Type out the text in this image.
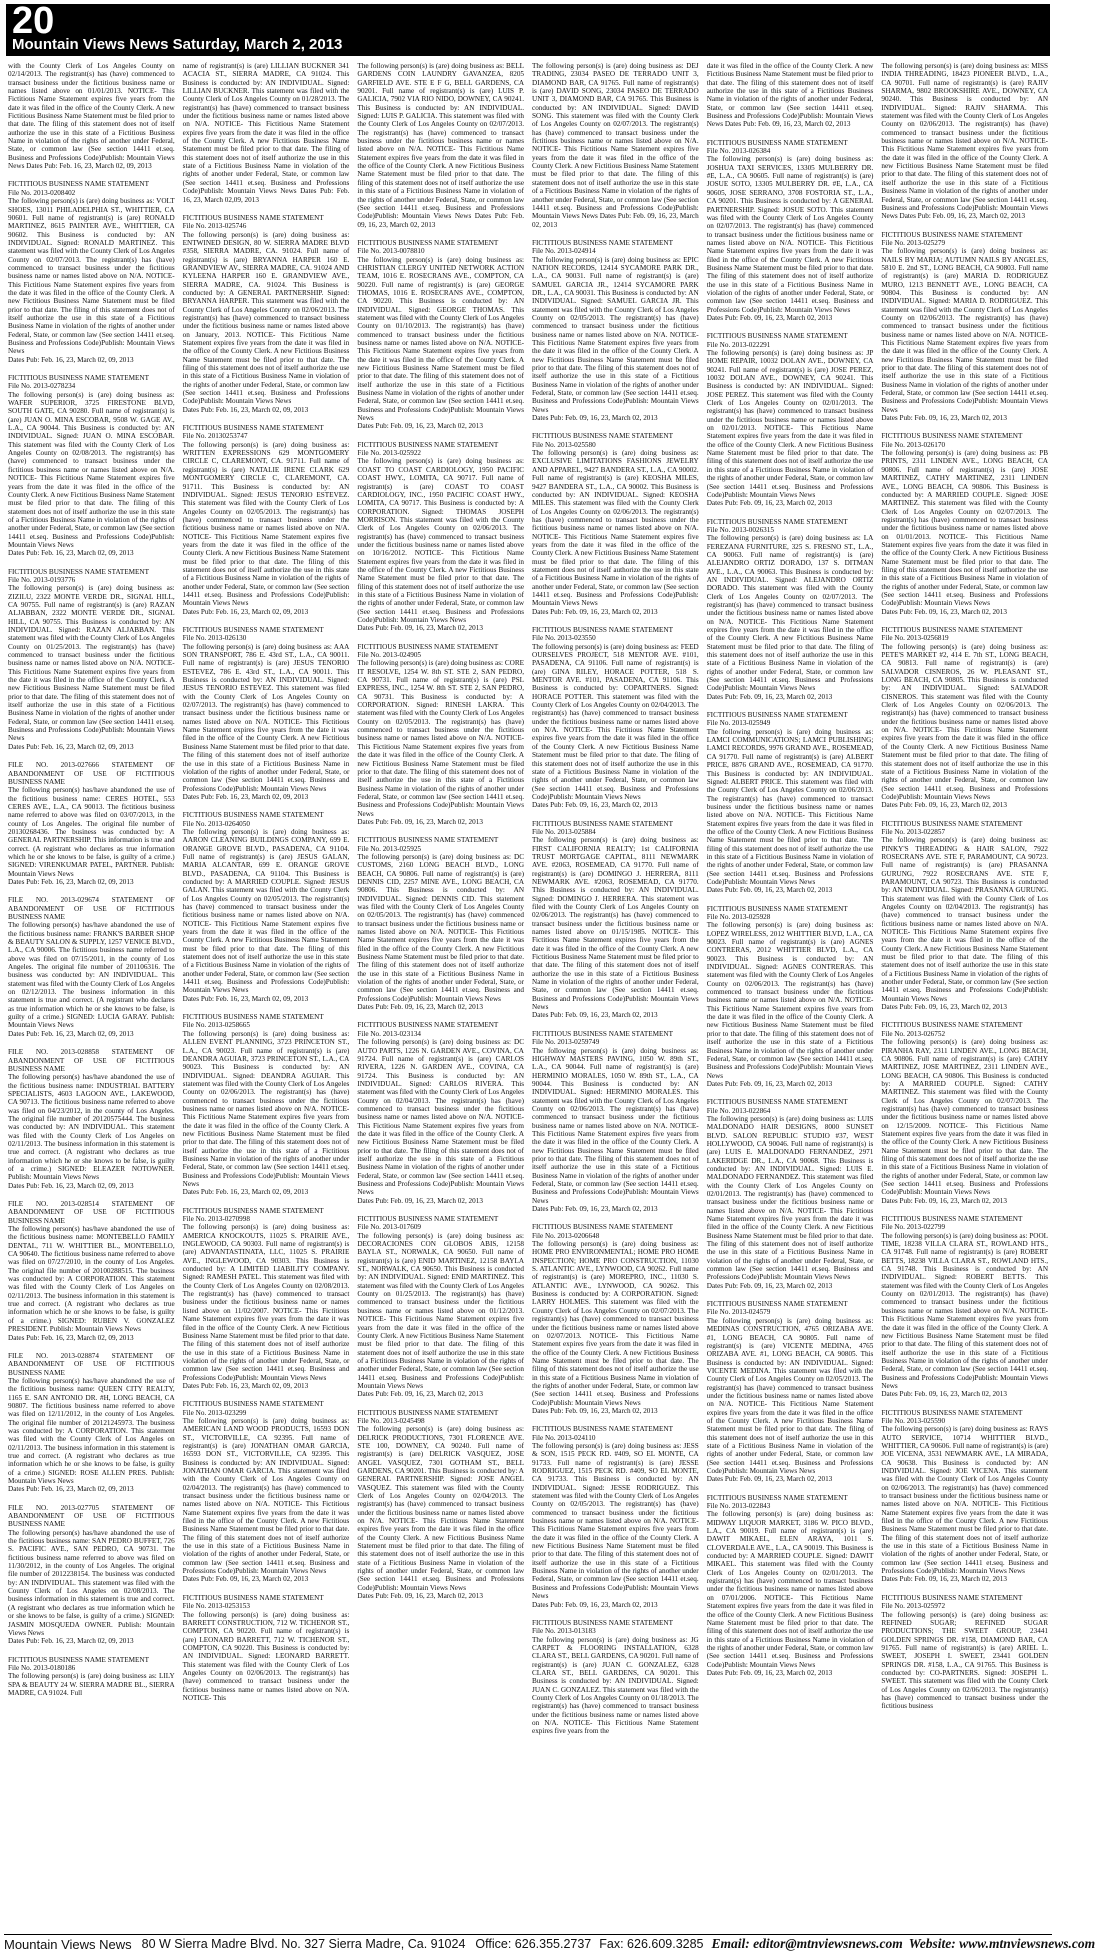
20
Mountain Views News Saturday, March 2, 2013

with the County Clerk of Los Angeles County on 02/14/2013. The registrant(s) has (have) commenced to transact business under the fictitious business name or names listed above on 01/01/2013. NOTICE- This Fictitious Name Statement expires five years from the date it was filed in the office of the County Clerk. A new Fictitious Business Name Statement must be filed prior to that date. The filing of this statement does not of itself authorize the use in this state of a Fictitious Business Name in violation of the rights of another under Federal, State, or common law (See section 14411 et.seq. Business and Professions Code)Publish: Mountain Views News Dates Pub: Feb. 16, 23, March 02, 09, 2013

FICTITIOUS BUSINESS NAME STATEMENT

File No. 2013-0208402

The following person(s) is (are) doing business as: VOLT SHOES, 13011 PHILADELPHIA ST., WHITTIER, CA 90601. Full name of registrant(s) is (are) RONALD MARTINEZ, 8615 PAINTER AVE., WHITTIER, CA 90602. This Business is conducted by: AN INDIVIDUAL. Signed: RONALD MARTINEZ. This statement was filed with the County Clerk of Los Angeles County on 02/07/2013. The registrant(s) has (have) commenced to transact business under the fictitious business name or names listed above on N/A. NOTICE- This Fictitious Name Statement expires five years from the date it was filed in the office of the County Clerk. A new Fictitious Business Name Statement must be filed prior to that date. The filing of this statement does not of itself authorize the use in this state of a Fictitious Business Name in violation of the rights of another under Federal, State, or common law (See section 14411 et.seq. Business and Professions Code)Publish: Mountain Views News

Dates Pub: Feb. 16, 23, March 02, 09, 2013

FICTITIOUS BUSINESS NAME STATEMENT

File No. 2013-0278234

The following person(s) is (are) doing business as: WAFER SUPERIOR, 3725 FIRESTONE BLVD, SOUTH GATE, CA 90280. Full name of registrant(s) is (are) JUAN O. MINA ESCOBAR, 9508 W. GAGE AV., L.A., CA 90044. This Business is conducted by: AN INDIVIDUAL. Signed: JUAN O. MINA ESCOBAR. This statement was filed with the County Clerk of Los Angeles County on 02/08/2013. The registrant(s) has (have) commenced to transact business under the fictitious business name or names listed above on N/A. NOTICE- This Fictitious Name Statement expires five years from the date it was filed in the office of the County Clerk. A new Fictitious Business Name Statement must be filed prior to that date. The filing of this statement does not of itself authorize the use in this state of a Fictitious Business Name in violation of the rights of another under Federal, State, or common law (See section 14411 et.seq. Business and Professions Code)Publish: Mountain Views News

Dates Pub: Feb. 16, 23, March 02, 09, 2013

FICTITIOUS BUSINESS NAME STATEMENT

File No. 2013-0193776

The following person(s) is (are) doing business as: ZIZILU, 2322 MONTE VERDE DR., SIGNAL HILL, CA 90755. Full name of registrant(s) is (are) RAZAN ALJABBAN, 2322 MONTE VERDE DR., SIGNAL HILL, CA 90755. This Business is conducted by: AN INDIVIDUAL. Signed: RAZAN ALJABBAN. This statement was filed with the County Clerk of Los Angeles County on 01/25/2013. The registrant(s) has (have) commenced to transact business under the fictitious business name or names listed above on N/A. NOTICE- This Fictitious Name Statement expires five years from the date it was filed in the office of the County Clerk. A new Fictitious Business Name Statement must be filed prior to that date. The filing of this statement does not of itself authorize the use in this state of a Fictitious Business Name in violation of the rights of another under Federal, State, or common law (See section 14411 et.seq. Business and Professions Code)Publish: Mountain Views News

Dates Pub: Feb. 16, 23, March 02, 09, 2013

FILE NO. 2013-027666 STATEMENT OF ABANDONMENT OF USE OF FICTITIOUS BUSINESS NAME

The following person(s) has/have abandoned the use of the fictitious business name: CERES HOTEL, 553 CERES AVE., L.A., CA 90013. The fictitious business name referred to above was filed on 03/07/2013, in the county of Los Angeles. The original file number of 20130268436. The business was conducted by: A GENERAL PARTNERSHIP. This information is true and correct. (A registrant who declares as true information which he or she knows to be false, is guilty of a crime.) SIGNED: VIRENKUMAR PATEL, PARTNER. Publish: Mountain Views News

Dates Pub: Feb. 16, 23, March 02, 09, 2013

FILE NO. 2013-029674 STATEMENT OF ABANDONMENT OF USE OF FICTITIOUS BUSINESS NAME

The following person(s) has/have abandoned the use of the fictitious business name: FRANK'S BARBER SHOP & BEAUTY SALON & SUPPLY, 1257 VENICE BLVD., L.A., CA 90006. The fictitious business name referred to above was filed on 07/15/2011, in the county of Los Angeles. The original file number of 201106316. The business was conducted by: AN INDIVIDUAL. This statement was filed with the County Clerk of Los Angeles on 02/12/2013. The business information in this statement is true and correct. (A registrant who declares as true information which he or she knows to be false, is guilty of a crime.) SIGNED: LUCIA GARAY. Publish: Mountain Views News

Dates Pub: Feb. 16, 23, March 02, 09, 2013

FILE NO. 2013-028858 STATEMENT OF ABANDONMENT OF USE OF FICTITIOUS BUSINESS NAME

The following person(s) has/have abandoned the use of the fictitious business name: INDUSTRIAL BATTERY SPECIALISTS, 4603 LAGOON AVE., LAKEWOOD, CA 90713. The fictitious business name referred to above was filed on 04/23/2012, in the county of Los Angeles. The original file number of 20120575444. The business was conducted by: AN INDIVIDUAL. This statement was filed with the County Clerk of Los Angeles on 02/11/2013. The business information in this statement is true and correct. (A registrant who declares as true information which he or she knows to be false, is guilty of a crime.) SIGNED: ELEAZER NOTOWNER. Publish: Mountain Views News

Dates Pub: Feb. 16, 23, March 02, 09, 2013

FILE NO. 2013-028514 STATEMENT OF ABANDONMENT OF USE OF FICTITIOUS BUSINESS NAME

The following person(s) has/have abandoned the use of the fictitious business name: MONTEBELLO FAMILY DENTAL, 711 W. WHITTIER BL., MONTEBELLO, CA 90640. The fictitious business name referred to above was filed on 07/27/2010, in the county of Los Angeles. The original file number of 20100288515. The business was conducted by: A CORPORATION. This statement was filed with the County Clerk of Los Angeles on 02/11/2013. The business information in this statement is true and correct. (A registrant who declares as true information which he or she knows to be false, is guilty of a crime.) SIGNED: RUBEN V. GONZALEZ PRESIDENT. Publish: Mountain Views News

Dates Pub: Feb. 16, 23, March 02, 09, 2013

FILE NO. 2013-028874 STATEMENT OF ABANDONMENT OF USE OF FICTITIOUS BUSINESS NAME

The following person(s) has/have abandoned the use of the fictitious business name: QUEEN CITY REALTY, 1165 E. SAN ANTONIO DR. #H, LONG BEACH, CA 90807. The fictitious business name referred to above was filed on 12/11/2012, in the county of Los Angeles. The original file number of 20121245973. The business was conducted by: A CORPORATION. This statement was filed with the County Clerk of Los Angeles on 02/11/2013. The business information in this statement is true and correct. (A registrant who declares as true information which he or she knows to be false, is guilty of a crime.) SIGNED: ROSE ALLEN PRES. Publish: Mountain Views News

Dates Pub: Feb. 16, 23, March 02, 09, 2013

FILE NO. 2013-027705 STATEMENT OF ABANDONMENT OF USE OF FICTITIOUS BUSINESS NAME

The following person(s) has/have abandoned the use of the fictitious business name: SAN PEDRO BUFFET, 726 S. PACIFIC AVE., SAN PEDRO, CA 90731. The fictitious business name referred to above was filed on 11/30/2012, in the county of Los Angeles. The original file number of 2012238154. The business was conducted by: AN INDIVIDUAL. This statement was filed with the County Clerk of Los Angeles on 02/08/2013. The business information in this statement is true and correct. (A registrant who declares as true information which he or she knows to be false, is guilty of a crime.) SIGNED: JASMIN MOSQUEDA OWNER. Publish: Mountain Views News

Dates Pub: Feb. 16, 23, March 02, 09, 2013

FICTITIOUS BUSINESS NAME STATEMENT

File No. 2013-0180186

The following person(s) is (are) doing business as: LILY SPA & BEAUTY 24 W. SIERRA MADRE BL., SIERRA MADRE, CA 91024. Full

name of registrant(s) is (are) LILLIAN BUCKNER 341 ACACIA ST., SIERRA MADRE, CA 91024. This Business is conducted by: AN INDIVIDUAL. Signed: LILLIAN BUCKNER. This statement was filed with the County Clerk of Los Angeles County on 01/28/2013. The registrant(s) has (have) commenced to transact business under the fictitious business name or names listed above on N/A. NOTICE- This Fictitious Name Statement expires five years from the date it was filed in the office of the County Clerk. A new Fictitious Business Name Statement must be filed prior to that date. The filing of this statement does not of itself authorize the use in this state of a Fictitious Business Name in violation of the rights of another under Federal, State, or common law (See section 14411 et.seq. Business and Professions Code)Publish: Mountain Views News Dates Pub: Feb. 16, 23, March 02,09, 2013

FICTITIOUS BUSINESS NAME STATEMENT

File No. 2013-025746

The following person(s) is (are) doing business as: ENTWINED DESIGN, 80 W. SIERRA MADRE BLVD #358, SIERRA MADRE, CA. 91024. Full name of registrant(s) is (are) BRYANNA HARPER 160 E. GRANDVIEW AV., SIERRA MADRE, CA. 91024 AND KYLEENA HARPER 160 E. GRANDVIEW AVE., SIERRA MADRE, CA. 91024. This Business is conducted by: A GENERAL PARTNERSHIP. Signed: BRYANNA HARPER. This statement was filed with the County Clerk of Los Angeles County on 02/06/2013. The registrant(s) has (have) commenced to transact business under the fictitious business name or names listed above on January, 2013. NOTICE- This Fictitious Name Statement expires five years from the date it was filed in the office of the County Clerk. A new Fictitious Business Name Statement must be filed prior to that date. The filing of this statement does not of itself authorize the use in this state of a Fictitious Business Name in violation of the rights of another under Federal, State, or common law (See section 14411 et.seq. Business and Professions Code)Publish: Mountain Views News

Dates Pub: Feb. 16, 23, March 02, 09, 2013

FICTITIOUS BUSINESS NAME STATEMENT

File No. 20130253747

The following person(s) is (are) doing business as: WRITTEN EXPRESSIONS 629 MONTGOMERY CIRCLE C, CLAREMONT, CA. 91711. Full name of registrant(s) is (are) NATALIE IRENE CLARK 629 MONTGOMERY CIRCLE C, CLAREMONT, CA. 91711. This Business is conducted by: AN INDIVIDUAL. Signed: JESUS TENORIO ESTEVEZ. This statement was filed with the County Clerk of Los Angeles County on 02/05/2013. The registrant(s) has (have) commenced to transact business under the fictitious business name or names listed above on N/A. NOTICE- This Fictitious Name Statement expires five years from the date it was filed in the office of the County Clerk. A new Fictitious Business Name Statement must be filed prior to that date. The filing of this statement does not of itself authorize the use in this state of a Fictitious Business Name in violation of the rights of another under Federal, State, or common law (See section 14411 et.seq. Business and Professions Code)Publish: Mountain Views News

Dates Pub: Feb. 16, 23, March 02, 09, 2013

FICTITIOUS BUSINESS NAME STATEMENT

File No. 2013-026130

The following person(s) is (are) doing business as: AAA SON TRANSPORT, 786 E. 43rd ST., L.A., CA 90011. Full name of registrant(s) is (are) JESUS TENORIO ESTEVEZ, 786 E. 43rd ST., L.A., CA 90011. This Business is conducted by: AN INDIVIDUAL. Signed: JESUS TENORIO ESTEVEZ. This statement was filed with the County Clerk of Los Angeles County on 02/07/2013. The registrant(s) has (have) commenced to transact business under the fictitious business name or names listed above on N/A. NOTICE- This Fictitious Name Statement expires five years from the date it was filed in the office of the County Clerk. A new Fictitious Business Name Statement must be filed prior to that date. The filing of this statement does not of itself authorize the use in this state of a Fictitious Business Name in violation of the rights of another under Federal, State, or common law (See section 14411 et.seq. Business and Professions Code)Publish: Mountain Views News

Dates Pub: Feb. 16, 23, March 02, 09, 2013

FICTITIOUS BUSINESS NAME STATEMENT

File No. 2013-0264050

The following person(s) is (are) doing business as: AARON CLEANING BUILDINGS COMPANY, 699 E. ORANGE GROVE BLVD., PASADENA, CA 91104. Full name of registrant(s) is (are) JESUS GALAN, MARIA ALCANTAR, 699 E. ORANGE GROVE BLVD., PASADENA, CA 91104. This Business is conducted by: A MARRIED COUPLE. Signed: JESUS GALAN. This statement was filed with the County Clerk of Los Angeles County on 02/05/2013. The registrant(s) has (have) commenced to transact business under the fictitious business name or names listed above on N/A. NOTICE- This Fictitious Name Statement expires five years from the date it was filed in the office of the County Clerk. A new Fictitious Business Name Statement must be filed prior to that date. The filing of this statement does not of itself authorize the use in this state of a Fictitious Business Name in violation of the rights of another under Federal, State, or common law (See section 14411 et.seq. Business and Professions Code)Publish: Mountain Views News

Dates Pub: Feb. 16, 23, March 02, 09, 2013

FICTITIOUS BUSINESS NAME STATEMENT

File No. 2013-0258665

The following person(s) is (are) doing business as: ALLEN EVENT PLANNING, 3723 PRINCETON ST., L.A., CA 90023. Full name of registrant(s) is (are) DEANDRA AGUIAR, 3723 PRINCETON ST., L.A., CA 90023. This Business is conducted by: AN INDIVIDUAL. Signed: DEANDRA AGUIAR. This statement was filed with the County Clerk of Los Angeles County on 02/06/2013. The registrant(s) has (have) commenced to transact business under the fictitious business name or names listed above on N/A. NOTICE- This Fictitious Name Statement expires five years from the date it was filed in the office of the County Clerk. A new Fictitious Business Name Statement must be filed prior to that date. The filing of this statement does not of itself authorize the use in this state of a Fictitious Business Name in violation of the rights of another under Federal, State, or common law (See section 14411 et.seq. Business and Professions Code)Publish: Mountain Views News

Dates Pub: Feb. 16, 23, March 02, 09, 2013

FICTITIOUS BUSINESS NAME STATEMENT

File No. 2013-0270998

The following person(s) is (are) doing business as: AMERICA KNOCKOUTS, 11025 S. PRAIRIE AVE., INGLEWOOD, CA 90303. Full name of registrant(s) is (are) ADVANTASTINATA, LLC, 11025 S. PRAIRIE AVE., INGLEWOOD, CA 90303. This Business is conducted by: A LIMITED LIABILITY COMPANY. Signed: RAMESH PATEL. This statement was filed with the County Clerk of Los Angeles County on 02/08/2013. The registrant(s) has (have) commenced to transact business under the fictitious business name or names listed above on 11/02/2007. NOTICE- This Fictitious Name Statement expires five years from the date it was filed in the office of the County Clerk. A new Fictitious Business Name Statement must be filed prior to that date. The filing of this statement does not of itself authorize the use in this state of a Fictitious Business Name in violation of the rights of another under Federal, State, or common law (See section 14411 et.seq. Business and Professions Code)Publish: Mountain Views News

Dates Pub: Feb. 16, 23, March 02, 09, 2013

FICTITIOUS BUSINESS NAME STATEMENT

File No. 2013-023299

The following person(s) is (are) doing business as: AMERICAN LAND WOOD PRODUCTS, 16593 DON ST., VICTORVILLE, CA 92395. Full name of registrant(s) is (are) JONATHAN OMAR GARCIA, 16593 DON ST., VICTORVILLE, CA 92395. This Business is conducted by: AN INDIVIDUAL. Signed: JONATHAN OMAR GARCIA. This statement was filed with the County Clerk of Los Angeles County on 02/04/2013. The registrant(s) has (have) commenced to transact business under the fictitious business name or names listed above on N/A. NOTICE- This Fictitious Name Statement expires five years from the date it was filed in the office of the County Clerk. A new Fictitious Business Name Statement must be filed prior to that date. The filing of this statement does not of itself authorize the use in this state of a Fictitious Business Name in violation of the rights of another under Federal, State, or common law (See section 14411 et.seq. Business and Professions Code)Publish: Mountain Views News

Dates Pub: Feb. 09, 16, 23, March 02, 2013

FICTITIOUS BUSINESS NAME STATEMENT

File No. 2013-0253153

The following person(s) is (are) doing business as: BARRETT CONSTRUCTION, 712 W. TICHENOR ST., COMPTON, CA 90220. Full name of registrant(s) is (are) LEONARD BARRETT, 712 W. TICHENOR ST., COMPTON, CA 90220. This Business is conducted by: AN INDIVIDUAL. Signed: LEONARD BARRETT. This statement was filed with the County Clerk of Los Angeles County on 02/06/2013. The registrant(s) has (have) commenced to transact business under the fictitious business name or names listed above on N/A. NOTICE- This

The following person(s) is (are) doing business as: BELL GARDENS COIN LAUNDRY GAVANZEA, 8205 GARFIELD AVE. STE E F G, BELL GARDENS, CA 90201. Full name of registrant(s) is (are) LUIS P. GALICIA, 7902 VIA RIO NIDO, DOWNEY, CA 90241. This Business is conducted by: AN INDIVIDUAL. Signed: LUIS P. GALICIA. This statement was filed with the County Clerk of Los Angeles County on 02/07/2013. The registrant(s) has (have) commenced to transact business under the fictitious business name or names listed above on N/A. NOTICE- This Fictitious Name Statement expires five years from the date it was filed in the office of the County Clerk. A new Fictitious Business Name Statement must be filed prior to that date. The filing of this statement does not of itself authorize the use in this state of a Fictitious Business Name in violation of the rights of another under Federal, State, or common law (See section 14411 et.seq. Business and Professions Code)Publish: Mountain Views News Dates Pub: Feb. 09, 16, 23, March 02, 2013

FICTITIOUS BUSINESS NAME STATEMENT

File No. 2013-0078810

The following person(s) is (are) doing business as: CHRISTIAN CLERGY UNITED NETWORK ACTION TEAM, 1016 E. ROSECRANS AVE., COMPTON, CA 90220. Full name of registrant(s) is (are) GEORGE THOMAS, 1016 E. ROSECRANS AVE., COMPTON, CA 90220. This Business is conducted by: AN INDIVIDUAL. Signed: GEORGE THOMAS. This statement was filed with the County Clerk of Los Angeles County on 01/10/2013. The registrant(s) has (have) commenced to transact business under the fictitious business name or names listed above on N/A. NOTICE- This Fictitious Name Statement expires five years from the date it was filed in the office of the County Clerk. A new Fictitious Business Name Statement must be filed prior to that date. The filing of this statement does not of itself authorize the use in this state of a Fictitious Business Name in violation of the rights of another under Federal, State, or common law (See section 14411 et.seq. Business and Professions Code)Publish: Mountain Views News

Dates Pub: Feb. 09, 16, 23, March 02, 2013

FICTITIOUS BUSINESS NAME STATEMENT

File No. 2013-025922

The following person(s) is (are) doing business as: COAST TO COAST CARDIOLOGY, 1950 PACIFIC COAST HWY., LOMITA, CA 90717. Full name of registrant(s) is (are) COAST TO COAST CARDIOLOGY, INC., 1950 PACIFIC COAST HWY., LOMITA, CA 90717. This Business is conducted by: A CORPORATION. Signed: THOMAS JOSEPH MORRISON. This statement was filed with the County Clerk of Los Angeles County on 02/06/2013. The registrant(s) has (have) commenced to transact business under the fictitious business name or names listed above on 10/16/2012. NOTICE- This Fictitious Name Statement expires five years from the date it was filed in the office of the County Clerk. A new Fictitious Business Name Statement must be filed prior to that date. The filing of this statement does not of itself authorize the use in this state of a Fictitious Business Name in violation of the rights of another under Federal, State, or common law (See section 14411 et.seq. Business and Professions Code)Publish: Mountain Views News

Dates Pub: Feb. 09, 16, 23, March 02, 2013

FICTITIOUS BUSINESS NAME STATEMENT

File No. 2013-024905

The following person(s) is (are) doing business as: CORE IT RESOLVE, 1254 W. 8th ST. STE 2, SAN PEDRO, CA 90731. Full name of registrant(s) is (are) PSL EXPRESS, INC., 1254 W. 8th ST. STE 2, SAN PEDRO, CA 90731. This Business is conducted by: A CORPORATION. Signed: RINESH LAKRA. This statement was filed with the County Clerk of Los Angeles County on 02/05/2013. The registrant(s) has (have) commenced to transact business under the fictitious business name or names listed above on N/A. NOTICE- This Fictitious Name Statement expires five years from the date it was filed in the office of the County Clerk. A new Fictitious Business Name Statement must be filed prior to that date. The filing of this statement does not of itself authorize the use in this state of a Fictitious Business Name in violation of the rights of another under Federal, State, or common law (See section 14411 et.seq. Business and Professions Code)Publish: Mountain Views News

Dates Pub: Feb. 09, 16, 23, March 02, 2013

FICTITIOUS BUSINESS NAME STATEMENT

File No. 2013-025925

The following person(s) is (are) doing business as: DC CUSTOMS, 2160 LONG BEACH BLVD., LONG BEACH, CA 90806. Full name of registrant(s) is (are) DENNIS CID, 2257 MINE AVE., LONG BEACH, CA 90806. This Business is conducted by: AN INDIVIDUAL. Signed: DENNIS CID. This statement was filed with the County Clerk of Los Angeles County on 02/05/2013. The registrant(s) has (have) commenced to transact business under the fictitious business name or names listed above on N/A. NOTICE- This Fictitious Name Statement expires five years from the date it was filed in the office of the County Clerk. A new Fictitious Business Name Statement must be filed prior to that date. The filing of this statement does not of itself authorize the use in this state of a Fictitious Business Name in violation of the rights of another under Federal, State, or common law (See section 14411 et.seq. Business and Professions Code)Publish: Mountain Views News

Dates Pub: Feb. 09, 16, 23, March 02, 2013

FICTITIOUS BUSINESS NAME STATEMENT

File No. 2013-023134

The following person(s) is (are) doing business as: DC AUTO PARTS, 1226 N. GARDEN AVE., COVINA, CA 91724. Full name of registrant(s) is (are) CARLOS RIVERA, 1226 N. GARDEN AVE., COVINA, CA 91724. This Business is conducted by: AN INDIVIDUAL. Signed: CARLOS RIVERA. This statement was filed with the County Clerk of Los Angeles County on 02/04/2013. The registrant(s) has (have) commenced to transact business under the fictitious business name or names listed above on N/A. NOTICE- This Fictitious Name Statement expires five years from the date it was filed in the office of the County Clerk. A new Fictitious Business Name Statement must be filed prior to that date. The filing of this statement does not of itself authorize the use in this state of a Fictitious Business Name in violation of the rights of another under Federal, State, or common law (See section 14411 et.seq. Business and Professions Code)Publish: Mountain Views News

Dates Pub: Feb. 09, 16, 23, March 02, 2013

FICTITIOUS BUSINESS NAME STATEMENT

File No. 2013-017609

The following person(s) is (are) doing business as: DECORACIONES CON GLOBOS ABIS, 12158 BAYLA ST., NORWALK, CA 90650. Full name of registrant(s) is (are) ENID MARTINEZ, 12158 BAYLA ST., NORWALK, CA 90650. This Business is conducted by: AN INDIVIDUAL. Signed: ENID MARTINEZ. This statement was filed with the County Clerk of Los Angeles County on 01/25/2013. The registrant(s) has (have) commenced to transact business under the fictitious business name or names listed above on 01/12/2013. NOTICE- This Fictitious Name Statement expires five years from the date it was filed in the office of the County Clerk. A new Fictitious Business Name Statement must be filed prior to that date. The filing of this statement does not of itself authorize the use in this state of a Fictitious Business Name in violation of the rights of another under Federal, State, or common law (See section 14411 et.seq. Business and Professions Code)Publish: Mountain Views News

Dates Pub: Feb. 09, 16, 23, March 02, 2013

FICTITIOUS BUSINESS NAME STATEMENT

File No. 2013-0245498

The following person(s) is (are) doing business as: DELRICK PRODUCTIONS, 7301 FLORENCE AVE. STE 100, DOWNEY, CA 90240. Full name of registrant(s) is (are) DELRICK VASQUEZ, JOSE ANGEL VASQUEZ, 7301 GOTHAM ST., BELL GARDENS, CA 90201. This Business is conducted by: A GENERAL PARTNERSHIP. Signed: JOSE ANGEL VASQUEZ. This statement was filed with the County Clerk of Los Angeles County on 02/04/2013. The registrant(s) has (have) commenced to transact business under the fictitious business name or names listed above on N/A. NOTICE- This Fictitious Name Statement expires five years from the date it was filed in the office of the County Clerk. A new Fictitious Business Name Statement must be filed prior to that date. The filing of this statement does not of itself authorize the use in this state of a Fictitious Business Name in violation of the rights of another under Federal, State, or common law (See section 14411 et.seq. Business and Professions Code)Publish: Mountain Views News

Dates Pub: Feb. 09, 16, 23, March 02, 2013

The following person(s) is (are) doing business as: DEJ TRADING, 23034 PASEO DE TERRADO UNIT 3, DIAMOND BAR, CA 91765. Full name of registrant(s) is (are) DAVID SONG, 23034 PASEO DE TERRADO UNIT 3, DIAMOND BAR, CA 91765. This Business is conducted by: AN INDIVIDUAL. Signed: DAVID SONG. This statement was filed with the County Clerk of Los Angeles County on 02/07/2013. The registrant(s) has (have) commenced to transact business under the fictitious business name or names listed above on N/A. NOTICE- This Fictitious Name Statement expires five years from the date it was filed in the office of the County Clerk. A new Fictitious Business Name Statement must be filed prior to that date. The filing of this statement does not of itself authorize the use in this state of a Fictitious Business Name in violation of the rights of another under Federal, State, or common law (See section 14411 et.seq. Business and Professions Code)Publish: Mountain Views News Dates Pub: Feb. 09, 16, 23, March 02, 2013

FICTITIOUS BUSINESS NAME STATEMENT

File No. 2013-024914

The following person(s) is (are) doing business as: EPIC NATION RECORDS, 12414 SYCAMORE PARK DR., L.A., CA 90031. Full name of registrant(s) is (are) SAMUEL GARCIA JR., 12414 SYCAMORE PARK DR., L.A., CA 90031. This Business is conducted by: AN INDIVIDUAL. Signed: SAMUEL GARCIA JR. This statement was filed with the County Clerk of Los Angeles County on 02/05/2013. The registrant(s) has (have) commenced to transact business under the fictitious business name or names listed above on N/A. NOTICE- This Fictitious Name Statement expires five years from the date it was filed in the office of the County Clerk. A new Fictitious Business Name Statement must be filed prior to that date. The filing of this statement does not of itself authorize the use in this state of a Fictitious Business Name in violation of the rights of another under Federal, State, or common law (See section 14411 et.seq. Business and Professions Code)Publish: Mountain Views News

Dates Pub: Feb. 09, 16, 23, March 02, 2013

FICTITIOUS BUSINESS NAME STATEMENT

File No. 2013-025580

The following person(s) is (are) doing business as: EXCLUSIVE LIMITATIONS FASHIONS JEWELRY AND APPAREL, 9427 BANDERA ST., L.A., CA 90002. Full name of registrant(s) is (are) KEOSHA MILES, 9427 BANDERA ST., L.A., CA 90002. This Business is conducted by: AN INDIVIDUAL. Signed: KEOSHA MILES. This statement was filed with the County Clerk of Los Angeles County on 02/06/2013. The registrant(s) has (have) commenced to transact business under the fictitious business name or names listed above on N/A. NOTICE- This Fictitious Name Statement expires five years from the date it was filed in the office of the County Clerk. A new Fictitious Business Name Statement must be filed prior to that date. The filing of this statement does not of itself authorize the use in this state of a Fictitious Business Name in violation of the rights of another under Federal, State, or common law (See section 14411 et.seq. Business and Professions Code)Publish: Mountain Views News

Dates Pub: Feb. 09, 16, 23, March 02, 2013

FICTITIOUS BUSINESS NAME STATEMENT

File No. 2013-023550

The following person(s) is (are) doing business as: FEED OURSELVES PROJECT, 518 MENTOR AVE. #101, PASADENA, CA 91106. Full name of registrant(s) is (are) GINA RILEY, HORACE POTTER, 518 S. MENTOR AVE. #101, PASADENA, CA 91106. This Business is conducted by: COPARTNERS. Signed: HORACE POTTER. This statement was filed with the County Clerk of Los Angeles County on 02/04/2013. The registrant(s) has (have) commenced to transact business under the fictitious business name or names listed above on N/A. NOTICE- This Fictitious Name Statement expires five years from the date it was filed in the office of the County Clerk. A new Fictitious Business Name Statement must be filed prior to that date. The filing of this statement does not of itself authorize the use in this state of a Fictitious Business Name in violation of the rights of another under Federal, State, or common law (See section 14411 et.seq. Business and Professions Code)Publish: Mountain Views News

Dates Pub: Feb. 09, 16, 23, March 02, 2013

FICTITIOUS BUSINESS NAME STATEMENT

File No. 2013-025884

The following person(s) is (are) doing business as: FIRST CALIFORNIA REALTY; 1st CALIFORNIA TRUST MORTGAGE CAPITAL, 8111 NEWMARK AVE. #2063, ROSEMEAD, CA 91770. Full name of registrant(s) is (are) DOMINGO J. HERRERA, 8111 NEWMARK AVE. #2063, ROSEMEAD, CA 91770. This Business is conducted by: AN INDIVIDUAL. Signed: DOMINGO J. HERRERA. This statement was filed with the County Clerk of Los Angeles County on 02/06/2013. The registrant(s) has (have) commenced to transact business under the fictitious business name or names listed above on 01/15/1985. NOTICE- This Fictitious Name Statement expires five years from the date it was filed in the office of the County Clerk. A new Fictitious Business Name Statement must be filed prior to that date. The filing of this statement does not of itself authorize the use in this state of a Fictitious Business Name in violation of the rights of another under Federal, State, or common law (See section 14411 et.seq. Business and Professions Code)Publish: Mountain Views News

Dates Pub: Feb. 09, 16, 23, March 02, 2013

FICTITIOUS BUSINESS NAME STATEMENT

File No. 2013-0259749

The following person(s) is (are) doing business as: HIGHWAY MASTERS PAVING, 1050 W. 89th ST., L.A., CA 90044. Full name of registrant(s) is (are) HERMINIO MORALES, 1050 W. 89th ST., L.A., CA 90044. This Business is conducted by: AN INDIVIDUAL. Signed: HERMINIO MORALES. This statement was filed with the County Clerk of Los Angeles County on 02/06/2013. The registrant(s) has (have) commenced to transact business under the fictitious business name or names listed above on N/A. NOTICE- This Fictitious Name Statement expires five years from the date it was filed in the office of the County Clerk. A new Fictitious Business Name Statement must be filed prior to that date. The filing of this statement does not of itself authorize the use in this state of a Fictitious Business Name in violation of the rights of another under Federal, State, or common law (See section 14411 et.seq. Business and Professions Code)Publish: Mountain Views News

Dates Pub: Feb. 09, 16, 23, March 02, 2013

FICTITIOUS BUSINESS NAME STATEMENT

File No. 2013-0206648

The following person(s) is (are) doing business as: HOME PRO ENVIRONMENTAL; HOME PRO HOME INSPECTION; HOME PRO CONSTRUCTION, 11030 S. ATLANTIC AVE., LYNWOOD, CA 90262. Full name of registrant(s) is (are) MOREPRO, INC., 11030 S. ATLANTIC AVE., LYNWOOD, CA 90262. This Business is conducted by: A CORPORATION. Signed: LARRY HOLMES. This statement was filed with the County Clerk of Los Angeles County on 02/07/2013. The registrant(s) has (have) commenced to transact business under the fictitious business name or names listed above on 02/07/2013. NOTICE- This Fictitious Name Statement expires five years from the date it was filed in the office of the County Clerk. A new Fictitious Business Name Statement must be filed prior to that date. The filing of this statement does not of itself authorize the use in this state of a Fictitious Business Name in violation of the rights of another under Federal, State, or common law (See section 14411 et.seq. Business and Professions Code)Publish: Mountain Views News

Dates Pub: Feb. 09, 16, 23, March 02, 2013

FICTITIOUS BUSINESS NAME STATEMENT

File No. 2013-024110

The following person(s) is (are) doing business as: JESS & SON, 1515 PECK RD. #409, SO EL MONTE, CA 91733. Full name of registrant(s) is (are) JESSE RODRIGUEZ, 1515 PECK RD. #409, SO EL MONTE, CA 91733. This Business is conducted by: AN INDIVIDUAL. Signed: JESSE RODRIGUEZ. This statement was filed with the County Clerk of Los Angeles County on 02/05/2013. The registrant(s) has (have) commenced to transact business under the fictitious business name or names listed above on N/A. NOTICE- This Fictitious Name Statement expires five years from the date it was filed in the office of the County Clerk. A new Fictitious Business Name Statement must be filed prior to that date. The filing of this statement does not of itself authorize the use in this state of a Fictitious Business Name in violation of the rights of another under Federal, State, or common law (See section 14411 et.seq. Business and Professions Code)Publish: Mountain Views News

Dates Pub: Feb. 09, 16, 23, March 02, 2013

FICTITIOUS BUSINESS NAME STATEMENT

File No. 2013-013183

The following person(s) is (are) doing business as: JG CARPET & FLOORING INSTALLATION, 6328 CLARA ST., BELL GARDENS, CA 90201. Full name of registrant(s) is (are) JUAN C. GONZALEZ, 6328 CLARA ST., BELL GARDENS, CA 90201. This Business is conducted by: AN INDIVIDUAL. Signed: JUAN C. GONZALEZ. This statement was filed with the County Clerk of Los Angeles County on 01/18/2013. The registrant(s) has (have) commenced to transact business under the fictitious business name or names listed above on N/A. NOTICE- This Fictitious Name Statement expires five years from the

date it was filed in the office of the County Clerk. A new Fictitious Business Name Statement must be filed prior to that date. The filing of this statement does not of itself authorize the use in this state of a Fictitious Business Name in violation of the rights of another under Federal, State, or common law (See section 14411 et.seq. Business and Professions Code)Publish: Mountain Views News Dates Pub: Feb. 09, 16, 23, March 02, 2013

FICTITIOUS BUSINESS NAME STATEMENT

File No. 2013-026384

The following person(s) is (are) doing business as: JOSHUA TAXI SERVICES, 13305 MULBERRY DR. #E, L.A., CA 90605. Full name of registrant(s) is (are) JOSUE SOTO, 13305 MULBERRY DR. #E, L.A., CA 90605, JOSE SERRANO, 3708 FOSTORIA ST., L.A., CA 90201. This Business is conducted by: A GENERAL PARTNERSHIP. Signed: JOSUE SOTO. This statement was filed with the County Clerk of Los Angeles County on 02/07/2013. The registrant(s) has (have) commenced to transact business under the fictitious business name or names listed above on N/A. NOTICE- This Fictitious Name Statement expires five years from the date it was filed in the office of the County Clerk. A new Fictitious Business Name Statement must be filed prior to that date. The filing of this statement does not of itself authorize the use in this state of a Fictitious Business Name in violation of the rights of another under Federal, State, or common law (See section 14411 et.seq. Business and Professions Code)Publish: Mountain Views News

Dates Pub: Feb. 09, 16, 23, March 02, 2013

FICTITIOUS BUSINESS NAME STATEMENT

File No. 2013-022291

The following person(s) is (are) doing business as: JP HOME REPAIR, 10032 DOLAN AVE., DOWNEY, CA 90241. Full name of registrant(s) is (are) JOSE PEREZ, 10032 DOLAN AVE., DOWNEY, CA 90241. This Business is conducted by: AN INDIVIDUAL. Signed: JOSE PEREZ. This statement was filed with the County Clerk of Los Angeles County on 02/01/2013. The registrant(s) has (have) commenced to transact business under the fictitious business name or names listed above on 02/01/2013. NOTICE- This Fictitious Name Statement expires five years from the date it was filed in the office of the County Clerk. A new Fictitious Business Name Statement must be filed prior to that date. The filing of this statement does not of itself authorize the use in this state of a Fictitious Business Name in violation of the rights of another under Federal, State, or common law (See section 14411 et.seq. Business and Professions Code)Publish: Mountain Views News

Dates Pub: Feb. 09, 16, 23, March 02, 2013

FICTITIOUS BUSINESS NAME STATEMENT

File No. 2013-0026315

The following person(s) is (are) doing business as: LA FEREZANA FURNITURE, 325 S. FRESNO ST., L.A., CA 90063. Full name of registrant(s) is (are) ALEJANDRO ORTIZ DORADO, 137 S. DITMAN AVE., L.A., CA 90063. This Business is conducted by: AN INDIVIDUAL. Signed: ALEJANDRO ORTIZ DORADO. This statement was filed with the County Clerk of Los Angeles County on 02/07/2013. The registrant(s) has (have) commenced to transact business under the fictitious business name or names listed above on N/A. NOTICE- This Fictitious Name Statement expires five years from the date it was filed in the office of the County Clerk. A new Fictitious Business Name Statement must be filed prior to that date. The filing of this statement does not of itself authorize the use in this state of a Fictitious Business Name in violation of the rights of another under Federal, State, or common law (See section 14411 et.seq. Business and Professions Code)Publish: Mountain Views News

Dates Pub: Feb. 09, 16, 23, March 02, 2013

FICTITIOUS BUSINESS NAME STATEMENT

File No. 2013-025949

The following person(s) is (are) doing business as: LAMCI COMMUNICATIONS; LAMCI PUBLISHING; LAMCI RECORDS, 9976 GRAND AVE., ROSEMEAD, CA 91770. Full name of registrant(s) is (are) ALBERT PRICE, 8876 GRAND AVE., ROSEMEAD, CA 91770. This Business is conducted by: AN INDIVIDUAL. Signed: ALBERT PRICE. This statement was filed with the County Clerk of Los Angeles County on 02/06/2013. The registrant(s) has (have) commenced to transact business under the fictitious business name or names listed above on N/A. NOTICE- This Fictitious Name Statement expires five years from the date it was filed in the office of the County Clerk. A new Fictitious Business Name Statement must be filed prior to that date. The filing of this statement does not of itself authorize the use in this state of a Fictitious Business Name in violation of the rights of another under Federal, State, or common law (See section 14411 et.seq. Business and Professions Code)Publish: Mountain Views News

Dates Pub: Feb. 09, 16, 23, March 02, 2013

FICTITIOUS BUSINESS NAME STATEMENT

File No. 2013-025928

The following person(s) is (are) doing business as: LOPEZ WIRELESS, 2012 WHITTIER BLVD, L.A., CA 90023. Full name of registrant(s) is (are) AGNES CONTRERAS, 2012 WHITTIER BLVD, L.A., CA 90023. This Business is conducted by: AN INDIVIDUAL. Signed: AGNES CONTRERAS. This statement was filed with the County Clerk of Los Angeles County on 02/06/2013. The registrant(s) has (have) commenced to transact business under the fictitious business name or names listed above on N/A. NOTICE- This Fictitious Name Statement expires five years from the date it was filed in the office of the County Clerk. A new Fictitious Business Name Statement must be filed prior to that date. The filing of this statement does not of itself authorize the use in this state of a Fictitious Business Name in violation of the rights of another under Federal, State, or common law (See section 14411 et.seq. Business and Professions Code)Publish: Mountain Views News

Dates Pub: Feb. 09, 16, 23, March 02, 2013

FICTITIOUS BUSINESS NAME STATEMENT

File No. 2013-022864

The following person(s) is (are) doing business as: LUIS MALDONADO HAIR DESIGNS, 8000 SUNSET BLVD. SALON REPUBLIC STUDIO #37, WEST HOLLYWOOD, CA 90046. Full name of registrant(s) is (are) LUIS E. MALDONADO FERNANDEZ, 2971 LAKERIDGE DR., L.A., CA 90068. This Business is conducted by: AN INDIVIDUAL. Signed: LUIS E. MALDONADO FERNANDEZ. This statement was filed with the County Clerk of Los Angeles County on 02/01/2013. The registrant(s) has (have) commenced to transact business under the fictitious business name or names listed above on N/A. NOTICE- This Fictitious Name Statement expires five years from the date it was filed in the office of the County Clerk. A new Fictitious Business Name Statement must be filed prior to that date. The filing of this statement does not of itself authorize the use in this state of a Fictitious Business Name in violation of the rights of another under Federal, State, or common law (See section 14411 et.seq. Business and Professions Code)Publish: Mountain Views News

Dates Pub: Feb. 09, 16, 23, March 02, 2013

FICTITIOUS BUSINESS NAME STATEMENT

File No. 2013-024579

The following person(s) is (are) doing business as: MEDINAS CONSTRUCTION, 4765 ORIZABA AVE. #1, LONG BEACH, CA 90805. Full name of registrant(s) is (are) VICENTE MEDINA, 4765 ORIZABA AVE. #1, LONG BEACH, CA 90805. This Business is conducted by: AN INDIVIDUAL. Signed: VICENTE MEDINA. This statement was filed with the County Clerk of Los Angeles County on 02/05/2013. The registrant(s) has (have) commenced to transact business under the fictitious business name or names listed above on N/A. NOTICE- This Fictitious Name Statement expires five years from the date it was filed in the office of the County Clerk. A new Fictitious Business Name Statement must be filed prior to that date. The filing of this statement does not of itself authorize the use in this state of a Fictitious Business Name in violation of the rights of another under Federal, State, or common law (See section 14411 et.seq. Business and Professions Code)Publish: Mountain Views News

Dates Pub: Feb. 09, 16, 23, March 02, 2013

FICTITIOUS BUSINESS NAME STATEMENT

File No. 2013-022843

The following person(s) is (are) doing business as: MIDWAY LIQUOR MARKET, 3186 W. PICO BLVD., L.A., CA 90019. Full name of registrant(s) is (are) DAWIT MIKAEL, ELEN ARAYA, 1011 S. CLOVERDALE AVE., L.A., CA 90019. This Business is conducted by: A MARRIED COUPLE. Signed: DAWIT MIKAEL. This statement was filed with the County Clerk of Los Angeles County on 02/01/2013. The registrant(s) has (have) commenced to transact business under the fictitious business name or names listed above on 07/01/2006. NOTICE- This Fictitious Name Statement expires five years from the date it was filed in the office of the County Clerk. A new Fictitious Business Name Statement must be filed prior to that date. The filing of this statement does not of itself authorize the use in this state of a Fictitious Business Name in violation of the rights of another under Federal, State, or common law (See section 14411 et.seq. Business and Professions Code)Publish: Mountain Views News

Dates Pub: Feb. 09, 16, 23, March 02, 2013

The following person(s) is (are) doing business as: MISS INDIA THREADING, 18423 PIONEER BLVD., L.A., CA 90701. Full name of registrant(s) is (are) RAJIV SHARMA, 9802 BROOKSHIRE AVE., DOWNEY, CA 90240. This Business is conducted by: AN INDIVIDUAL. Signed: RAJIV SHARMA. This statement was filed with the County Clerk of Los Angeles County on 02/06/2013. The registrant(s) has (have) commenced to transact business under the fictitious business name or names listed above on N/A. NOTICE- This Fictitious Name Statement expires five years from the date it was filed in the office of the County Clerk. A new Fictitious Business Name Statement must be filed prior to that date. The filing of this statement does not of itself authorize the use in this state of a Fictitious Business Name in violation of the rights of another under Federal, State, or common law (See section 14411 et.seq. Business and Professions Code)Publish: Mountain Views News Dates Pub: Feb. 09, 16, 23, March 02, 2013

FICTITIOUS BUSINESS NAME STATEMENT

File No. 2013-025279

The following person(s) is (are) doing business as: NAILS BY MARIA; AUTUMN NAILS BY ANGELES, 5810 E. 2nd ST., LONG BEACH, CA 90803. Full name of registrant(s) is (are) MARIA D. RODRIGUEZ MURO, 1213 BENNETT AVE., LONG BEACH, CA 90804. This Business is conducted by: AN INDIVIDUAL. Signed: MARIA D. RODRIGUEZ. This statement was filed with the County Clerk of Los Angeles County on 02/06/2013. The registrant(s) has (have) commenced to transact business under the fictitious business name or names listed above on N/A. NOTICE- This Fictitious Name Statement expires five years from the date it was filed in the office of the County Clerk. A new Fictitious Business Name Statement must be filed prior to that date. The filing of this statement does not of itself authorize the use in this state of a Fictitious Business Name in violation of the rights of another under Federal, State, or common law (See section 14411 et.seq. Business and Professions Code)Publish: Mountain Views News

Dates Pub: Feb. 09, 16, 23, March 02, 2013

FICTITIOUS BUSINESS NAME STATEMENT

File No. 2013-026170

The following person(s) is (are) doing business as: PB PRINTS, 2311 LINDEN AVE., LONG BEACH, CA 90806. Full name of registrant(s) is (are) JOSE MARTINEZ, CATHY MARTINEZ, 2311 LINDEN AVE., LONG BEACH, CA 90806. This Business is conducted by: A MARRIED COUPLE. Signed: JOSE MARTINEZ. This statement was filed with the County Clerk of Los Angeles County on 02/07/2013. The registrant(s) has (have) commenced to transact business under the fictitious business name or names listed above on 01/01/2013. NOTICE- This Fictitious Name Statement expires five years from the date it was filed in the office of the County Clerk. A new Fictitious Business Name Statement must be filed prior to that date. The filing of this statement does not of itself authorize the use in this state of a Fictitious Business Name in violation of the rights of another under Federal, State, or common law (See section 14411 et.seq. Business and Professions Code)Publish: Mountain Views News

Dates Pub: Feb. 09, 16, 23, March 02, 2013

FICTITIOUS BUSINESS NAME STATEMENT

File No. 2013-0256819

The following person(s) is (are) doing business as: PETE'S MARKET #2, 414 E. 7th ST., LONG BEACH, CA 90813. Full name of registrant(s) is (are) SALVADOR CISNEROS, 26 W. PLEASANT ST., LONG BEACH, CA 90805. This Business is conducted by: AN INDIVIDUAL. Signed: SALVADOR CISNEROS. This statement was filed with the County Clerk of Los Angeles County on 02/06/2013. The registrant(s) has (have) commenced to transact business under the fictitious business name or names listed above on N/A. NOTICE- This Fictitious Name Statement expires five years from the date it was filed in the office of the County Clerk. A new Fictitious Business Name Statement must be filed prior to that date. The filing of this statement does not of itself authorize the use in this state of a Fictitious Business Name in violation of the rights of another under Federal, State, or common law (See section 14411 et.seq. Business and Professions Code)Publish: Mountain Views News

Dates Pub: Feb. 09, 16, 23, March 02, 2013

FICTITIOUS BUSINESS NAME STATEMENT

File No. 2013-022857

The following person(s) is (are) doing business as: PINKY'S THREADING & HAIR SALON, 7922 ROSECRANS AVE. STE F, PARAMOUNT, CA 90723. Full name of registrant(s) is (are) PRASANNA GURUNG, 7922 ROSECRANS AVE. STE F, PARAMOUNT, CA 90723. This Business is conducted by: AN INDIVIDUAL. Signed: PRASANNA GURUNG. This statement was filed with the County Clerk of Los Angeles County on 02/04/2013. The registrant(s) has (have) commenced to transact business under the fictitious business name or names listed above on N/A. NOTICE- This Fictitious Name Statement expires five years from the date it was filed in the office of the County Clerk. A new Fictitious Business Name Statement must be filed prior to that date. The filing of this statement does not of itself authorize the use in this state of a Fictitious Business Name in violation of the rights of another under Federal, State, or common law (See section 14411 et.seq. Business and Professions Code)Publish: Mountain Views News

Dates Pub: Feb. 09, 16, 23, March 02, 2013

FICTITIOUS BUSINESS NAME STATEMENT

File No. 2013-026752

The following person(s) is (are) doing business as: PIRANHA RAY, 2311 LINDEN AVE., LONG BEACH, CA 90806. Full name of registrant(s) is (are) CATHY MARTINEZ, JOSE MARTINEZ, 2311 LINDEN AVE., LONG BEACH, CA 90806. This Business is conducted by: A MARRIED COUPLE. Signed: CATHY MARTINEZ. This statement was filed with the County Clerk of Los Angeles County on 02/07/2013. The registrant(s) has (have) commenced to transact business under the fictitious business name or names listed above on 12/15/2009. NOTICE- This Fictitious Name Statement expires five years from the date it was filed in the office of the County Clerk. A new Fictitious Business Name Statement must be filed prior to that date. The filing of this statement does not of itself authorize the use in this state of a Fictitious Business Name in violation of the rights of another under Federal, State, or common law (See section 14411 et.seq. Business and Professions Code)Publish: Mountain Views News

Dates Pub: Feb. 09, 16, 23, March 02, 2013

FICTITIOUS BUSINESS NAME STATEMENT

File No. 2013-022799

The following person(s) is (are) doing business as: POOL TIME, 18238 VILLA CLARA ST., ROWLAND HTS., CA 91748. Full name of registrant(s) is (are) ROBERT BETTS, 18238 VILLA CLARA ST., ROWLAND HTS., CA 91748. This Business is conducted by: AN INDIVIDUAL. Signed: ROBERT BETTS. This statement was filed with the County Clerk of Los Angeles County on 02/01/2013. The registrant(s) has (have) commenced to transact business under the fictitious business name or names listed above on N/A. NOTICE- This Fictitious Name Statement expires five years from the date it was filed in the office of the County Clerk. A new Fictitious Business Name Statement must be filed prior to that date. The filing of this statement does not of itself authorize the use in this state of a Fictitious Business Name in violation of the rights of another under Federal, State, or common law (See section 14411 et.seq. Business and Professions Code)Publish: Mountain Views News

Dates Pub: Feb. 09, 16, 23, March 02, 2013

FICTITIOUS BUSINESS NAME STATEMENT

File No. 2013-025590

The following person(s) is (are) doing business as: RAYS AUTO SERVICE, 10714 WHITTIER BLVD., WHITTIER, CA 90606. Full name of registrant(s) is (are) JOE VICENA, 3531 NEWMARK AVE., LA MIRADA, CA 90638. This Business is conducted by: AN INDIVIDUAL. Signed: JOE VICENA. This statement was filed with the County Clerk of Los Angeles County on 02/06/2013. The registrant(s) has (have) commenced to transact business under the fictitious business name or names listed above on N/A. NOTICE- This Fictitious Name Statement expires five years from the date it was filed in the office of the County Clerk. A new Fictitious Business Name Statement must be filed prior to that date. The filing of this statement does not of itself authorize the use in this state of a Fictitious Business Name in violation of the rights of another under Federal, State, or common law (See section 14411 et.seq. Business and Professions Code)Publish: Mountain Views News

Dates Pub: Feb. 09, 16, 23, March 02, 2013

FICTITIOUS BUSINESS NAME STATEMENT

File No. 2013-025972

The following person(s) is (are) doing business as: REFINED SUGAR; REFINED SUGAR PRODUCTIONS; THE SWEET GROUP, 23441 GOLDEN SPRINGS DR. #158, DIAMOND BAR, CA 91765. Full name of registrant(s) is (are) ARIEL L. SWEET, JOSEPH I. SWEET, 23441 GOLDEN SPRINGS DR. #158, L.A., CA 91765. This Business is conducted by: CO-PARTNERS. Signed: JOSEPH L. SWEET. This statement was filed with the County Clerk of Los Angeles County on 02/06/2013. The registrant(s) has (have) commenced to transact business under the fictitious business

Mountain Views News 80 W Sierra Madre Blvd. No. 327 Sierra Madre, Ca. 91024 Office: 626.355.2737 Fax: 626.609.3285 Email: editor@mtnviewsnews.com Website: www.mtnviewsnews.com
